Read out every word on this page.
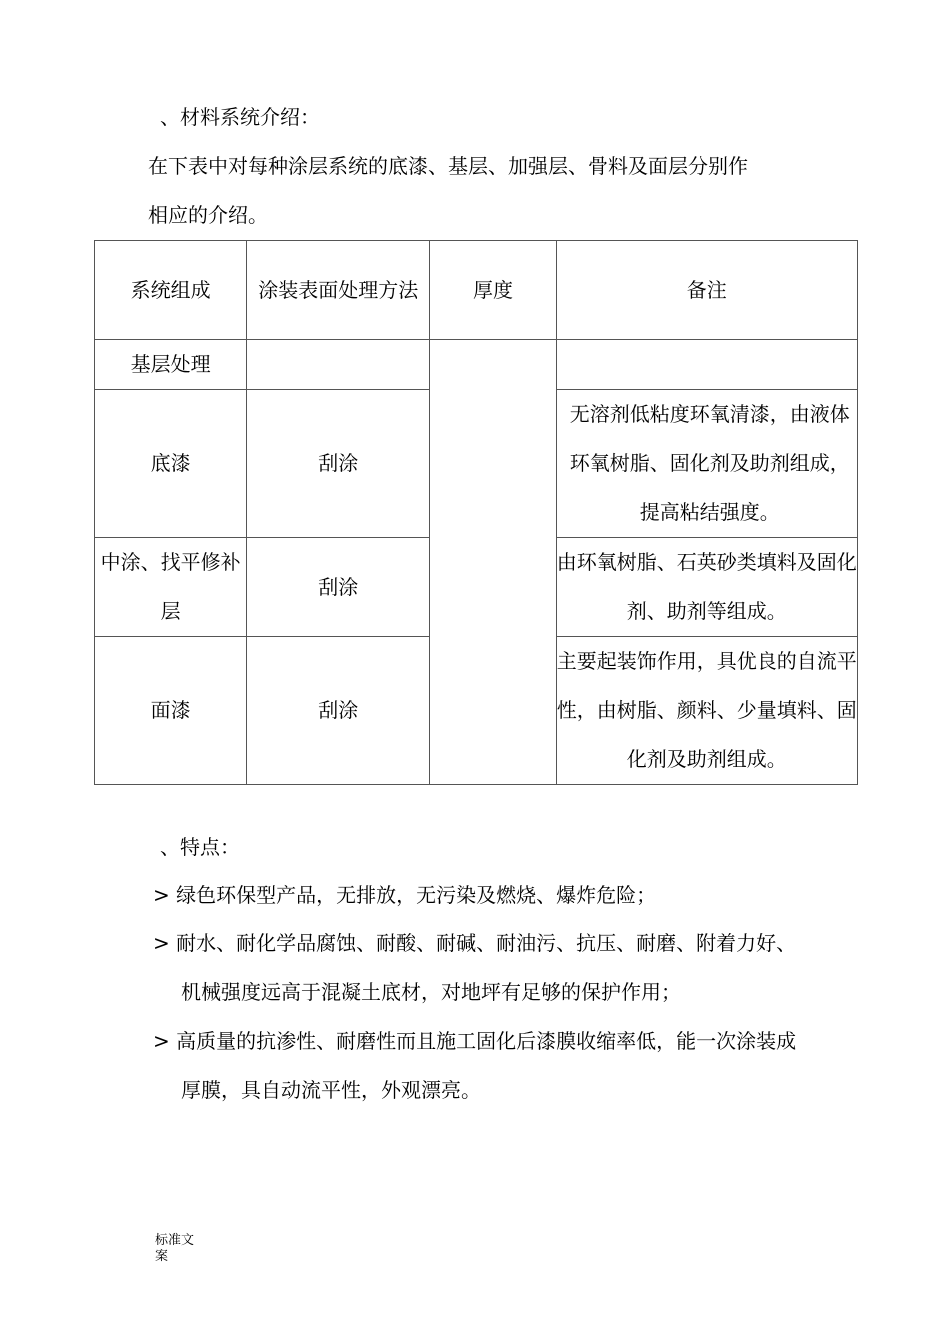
、材料系统介绍：
在下表中对每种涂层系统的底漆、基层、加强层、骨料及面层分别作
相应的介绍。
系统组成	涂装表面处理方法	厚度	备注
基层处理			
底漆	刮涂		无溶剂低粘度环氧清漆，由液体环氧树脂、固化剂及助剂组成，提高粘结强度。
中涂、找平修补层	刮涂		由环氧树脂、石英砂类填料及固化剂、助剂等组成。
面漆	刮涂		主要起装饰作用，具优良的自流平性，由树脂、颜料、少量填料、固化剂及助剂组成。
、特点：
> 绿色环保型产品，无排放，无污染及燃烧、爆炸危险；
> 耐水、耐化学品腐蚀、耐酸、耐碱、耐油污、抗压、耐磨、附着力好、
机械强度远高于混凝土底材，对地坪有足够的保护作用；
> 高质量的抗渗性、耐磨性而且施工固化后漆膜收缩率低，能一次涂装成
厚膜，具自动流平性，外观漂亮。
标准文
案
